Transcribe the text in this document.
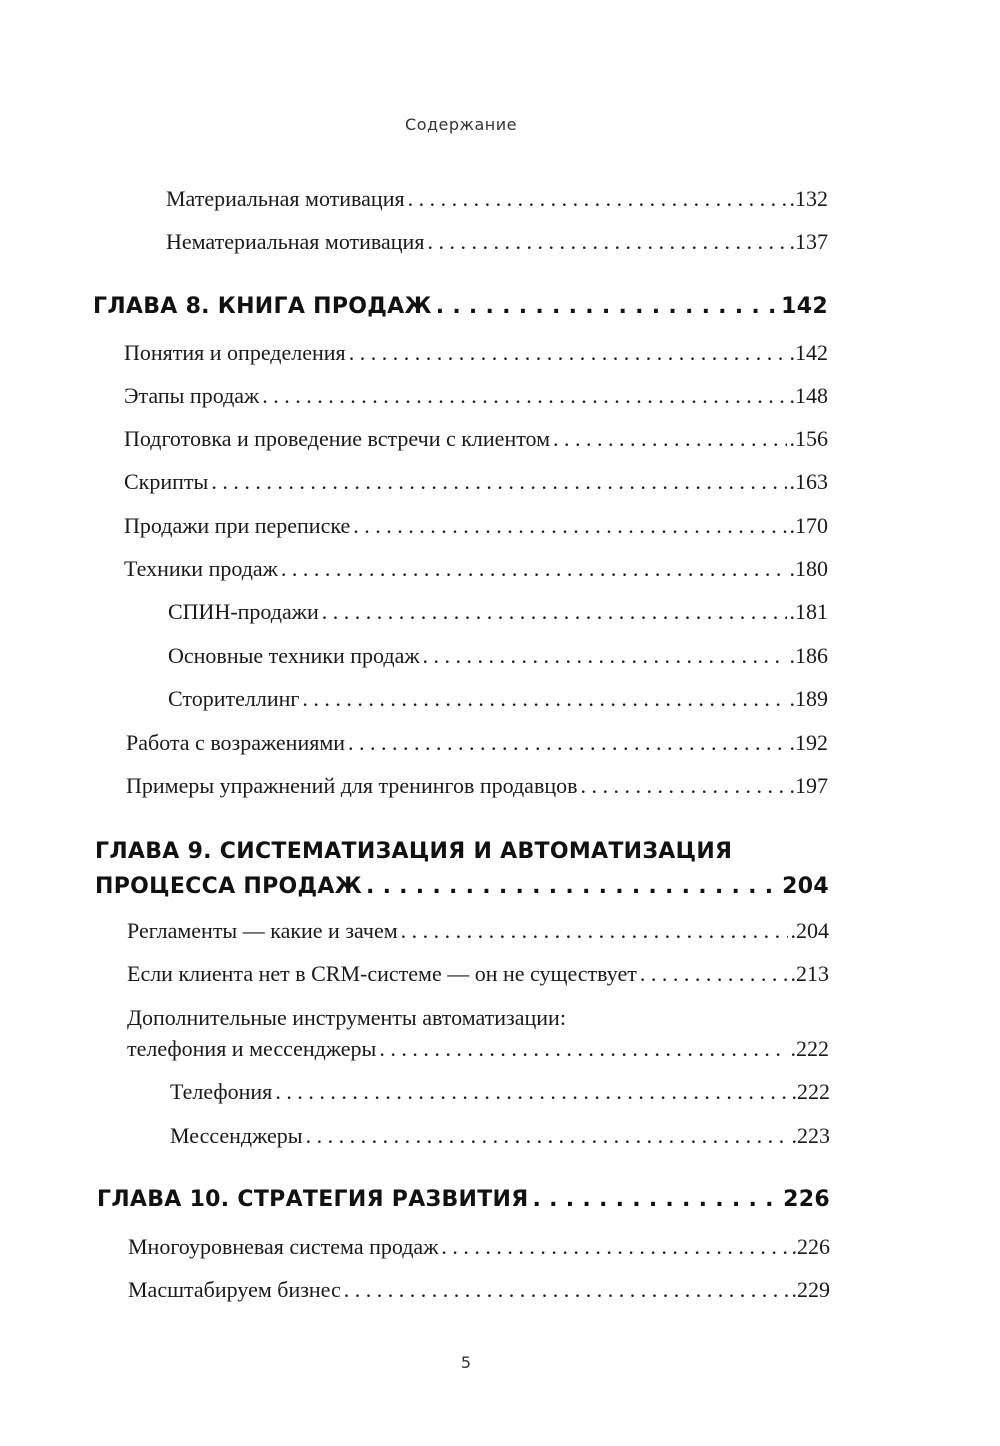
Содержание
Материальная мотивация . . .	.132
Нематериальная мотивация . . .	.137
ГЛАВА 8. КНИГА ПРОДАЖ . . .	142
Понятия и определения . . .	.142
Этапы продаж . . .	.148
Подготовка и проведение встречи с клиентом . . .	.156
Скрипты . . .	.163
Продажи при переписке . . .	.170
Техники продаж . . .	.180
СПИН-продажи . . .	.181
Основные техники продаж . . .	.186
Сторителлинг . . .	.189
Работа с возражениями . . .	.192
Примеры упражнений для тренингов продавцов . . .	.197
ГЛАВА 9. СИСТЕМАТИЗАЦИЯ И АВТОМАТИЗАЦИЯ
ПРОЦЕССА ПРОДАЖ . . .	204
Регламенты — какие и зачем . . .	.204
Если клиента нет в CRM-системе — он не существует . . .	.213
Дополнительные инструменты автоматизации:
телефония и мессенджеры . . .	.222
Телефония . . .	.222
Мессенджеры . . .	.223
ГЛАВА 10. СТРАТЕГИЯ РАЗВИТИЯ . . .	226
Многоуровневая система продаж . . .	.226
Масштабируем бизнес . . .	.229
5
